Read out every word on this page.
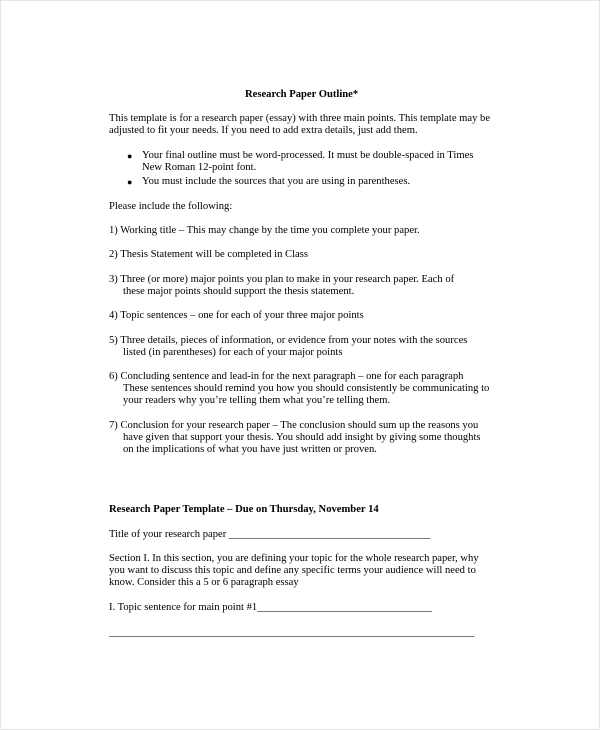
Research Paper Outline*
This template is for a research paper (essay) with three main points. This template may be
adjusted to fit your needs. If you need to add extra details, just add them.
● Your final outline must be word-processed. It must be double-spaced in Times
New Roman 12-point font.
● You must include the sources that you are using in parentheses.
Please include the following:
1) Working title – This may change by the time you complete your paper.
2) Thesis Statement will be completed in Class
3) Three (or more) major points you plan to make in your research paper. Each of
these major points should support the thesis statement.
4) Topic sentences – one for each of your three major points
5) Three details, pieces of information, or evidence from your notes with the sources
listed (in parentheses) for each of your major points
6) Concluding sentence and lead-in for the next paragraph – one for each paragraph
These sentences should remind you how you should consistently be communicating to
your readers why you’re telling them what you’re telling them.
7) Conclusion for your research paper – The conclusion should sum up the reasons you
have given that support your thesis. You should add insight by giving some thoughts
on the implications of what you have just written or proven.
Research Paper Template – Due on Thursday, November 14
Title of your research paper ______________________________________
Section I. In this section, you are defining your topic for the whole research paper, why
you want to discuss this topic and define any specific terms your audience will need to
know. Consider this a 5 or 6 paragraph essay
I. Topic sentence for main point #1_________________________________
_____________________________________________________________________
